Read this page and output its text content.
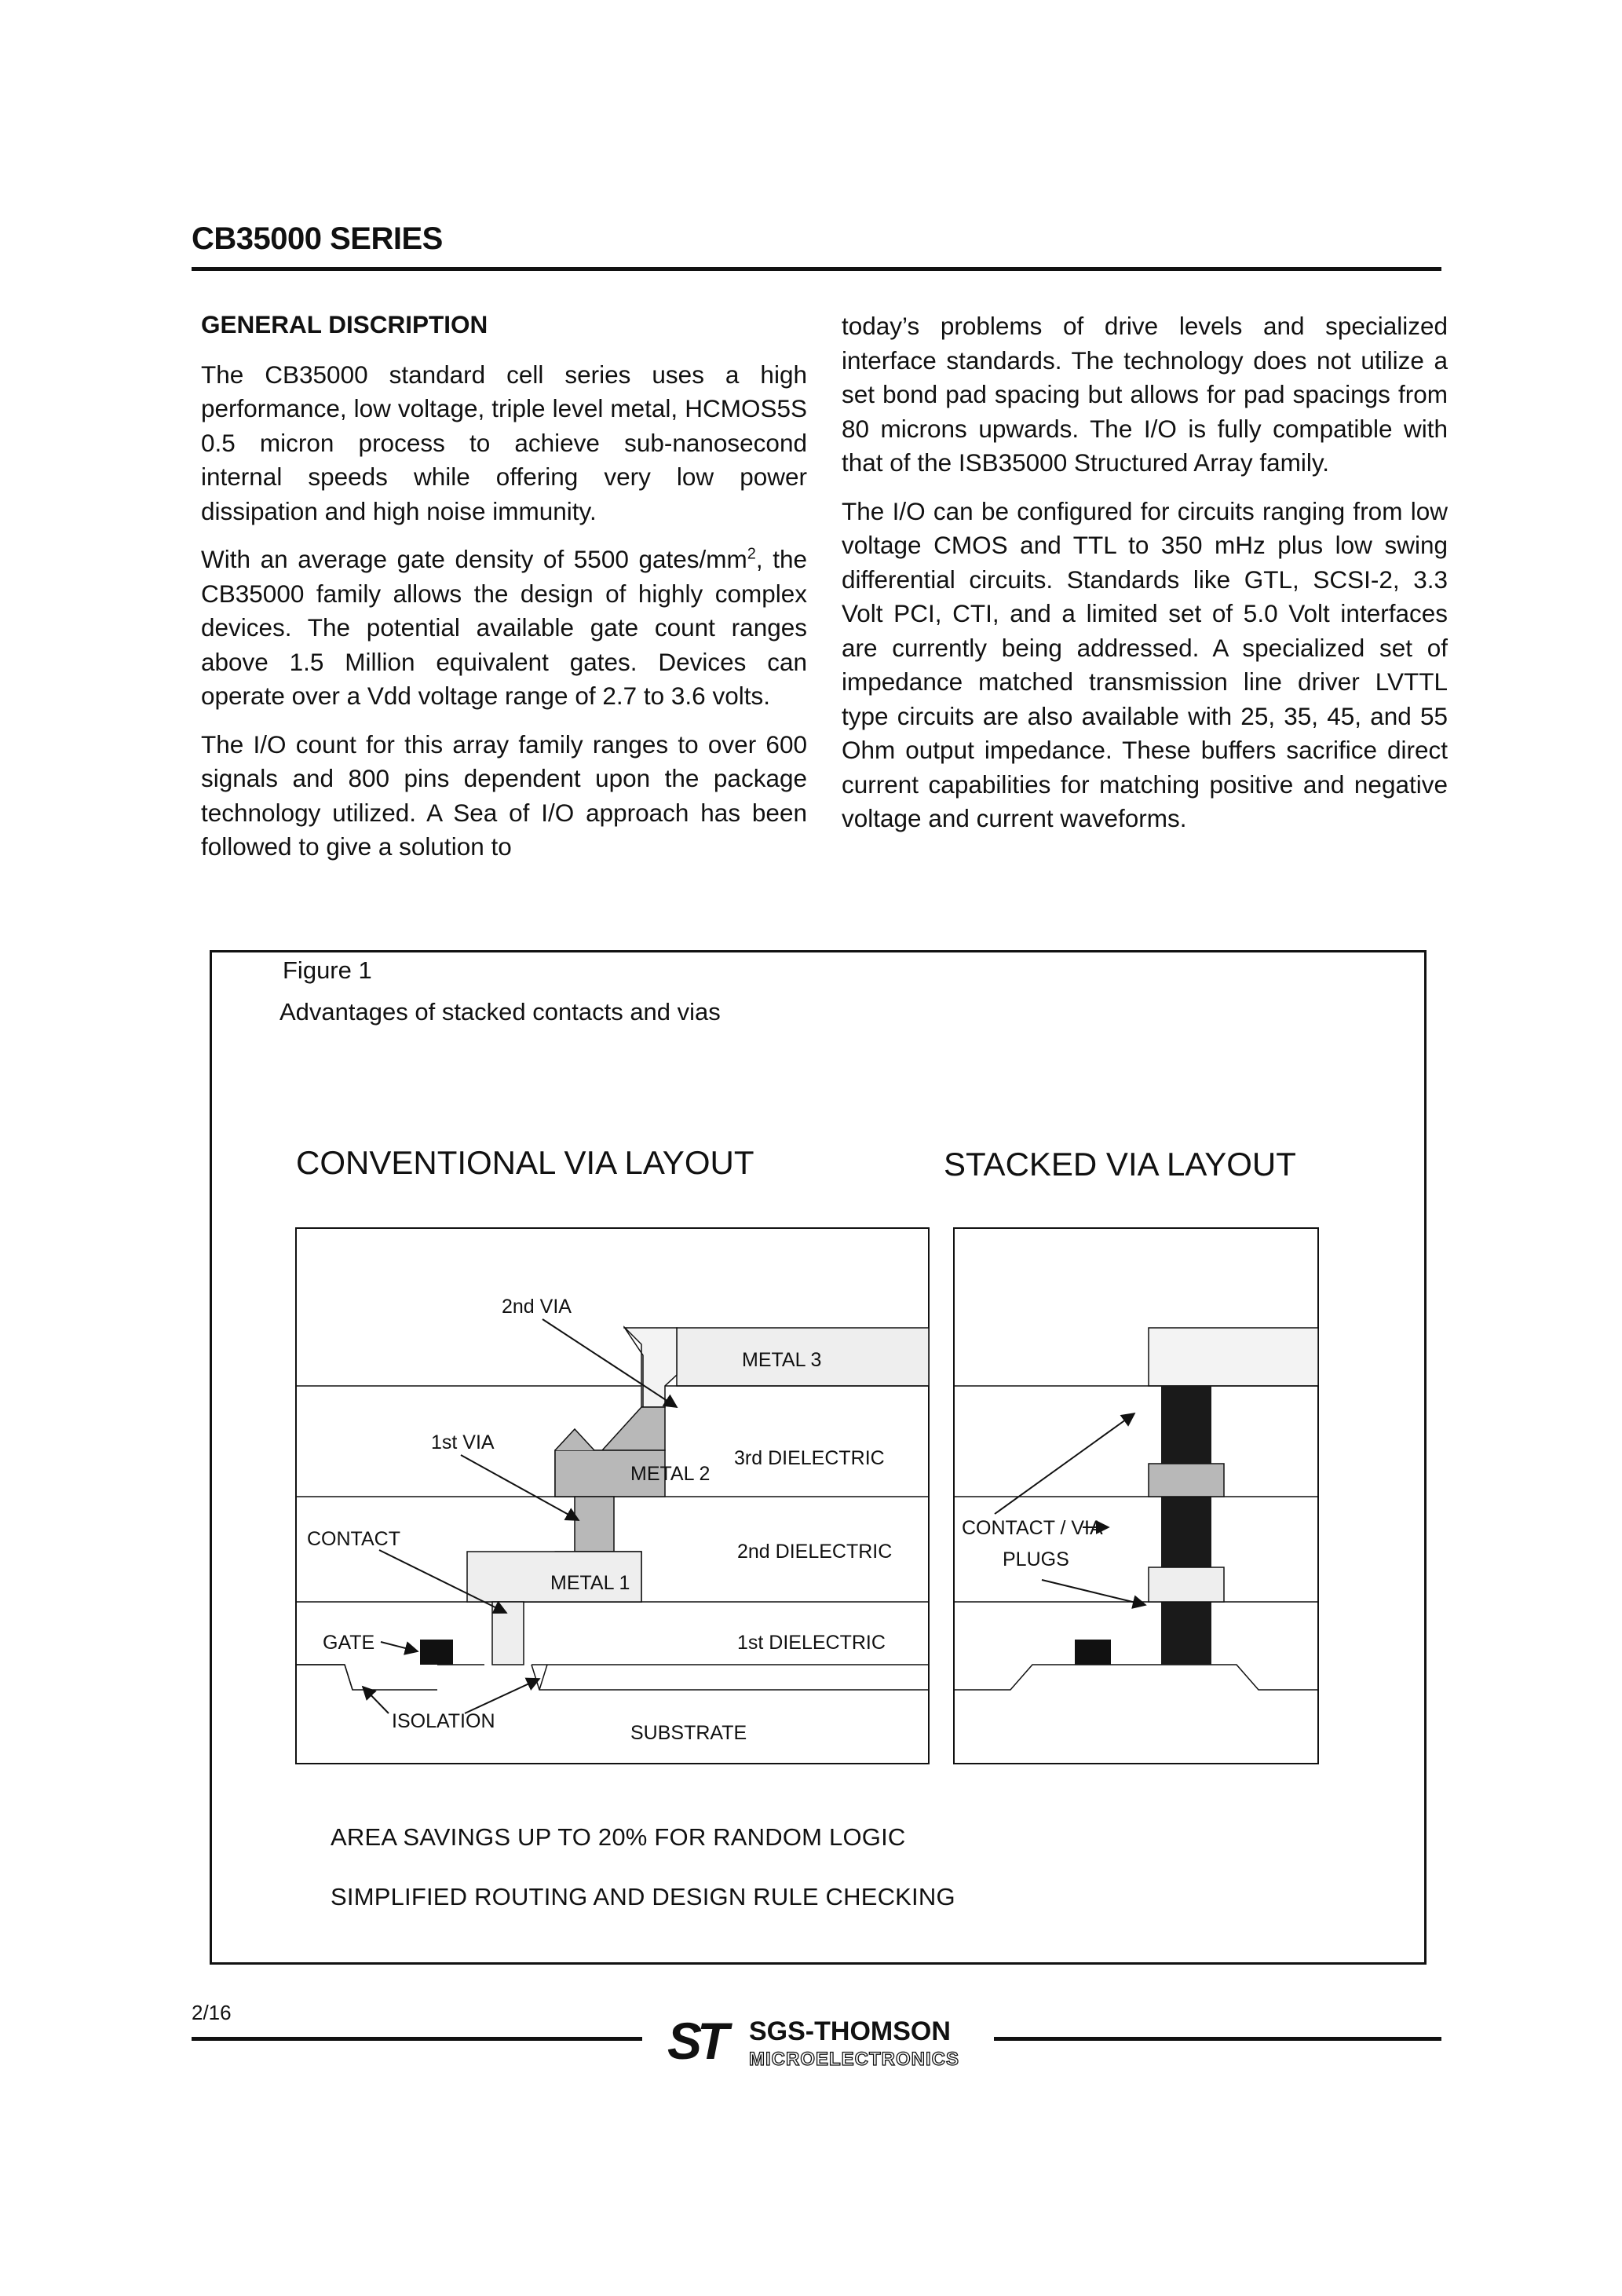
CB35000 SERIES
GENERAL DISCRIPTION

The CB35000 standard cell series uses a high performance, low voltage, triple level metal, HCMOS5S 0.5 micron process to achieve sub-nanosecond internal speeds while offering very low power dissipation and high noise immunity.

With an average gate density of 5500 gates/$mm^2$, the CB35000 family allows the design of highly complex devices. The potential available gate count ranges above 1.5 Million equivalent gates. Devices can operate over a Vdd voltage range of 2.7 to 3.6 volts.

The I/O count for this array family ranges to over 600 signals and 800 pins dependent upon the package technology utilized. A Sea of I/O approach has been followed to give a solution to

today’s problems of drive levels and specialized interface standards. The technology does not utilize a set bond pad spacing but allows for pad spacings from 80 microns upwards. The I/O is fully compatible with that of the ISB35000 Structured Array family.

The I/O can be configured for circuits ranging from low voltage CMOS and TTL to 350 mHz plus low swing differential circuits. Standards like GTL, SCSI-2, 3.3 Volt PCI, CTI, and a limited set of 5.0 Volt interfaces are currently being addressed. A specialized set of impedance matched transmission line driver LVTTL type circuits are also available with 25, 35, 45, and 55 Ohm output impedance. These buffers sacrifice direct current capabilities for matching positive and negative voltage and current waveforms.

Figure 1
Advantages of stacked contacts and vias
CONVENTIONAL VIA LAYOUT	STACKED VIA LAYOUT
2nd VIA
METAL 3
1st VIA
3rd DIELECTRIC
METAL 2
CONTACT
2nd DIELECTRIC
METAL 1
GATE	1st DIELECTRIC
ISOLATION
SUBSTRATE
CONTACT / VIA
PLUGS
AREA SAVINGS UP TO 20% FOR RANDOM LOGIC
SIMPLIFIED ROUTING AND DESIGN RULE CHECKING
2/16	ST SGS-THOMSON
MICROELECTRONICS
